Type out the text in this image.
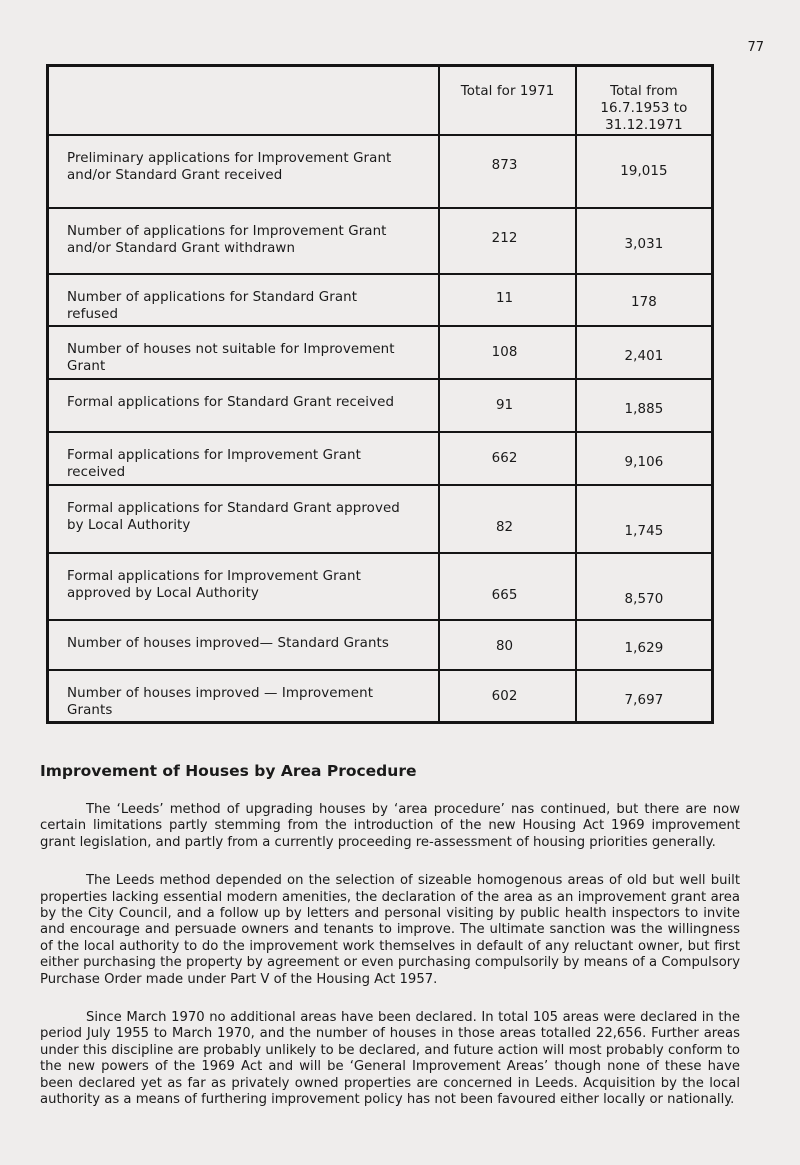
77
	Total for 1971	Total from 16.7.1953 to 31.12.1971
Preliminary applications for Improvement Grant and/or Standard Grant received	873	19,015
Number of applications for Improvement Grant and/or Standard Grant withdrawn	212	3,031
Number of applications for Standard Grant refused	11	178
Number of houses not suitable for Improvement Grant	108	2,401
Formal applications for Standard Grant received	91	1,885
Formal applications for Improvement Grant received	662	9,106
Formal applications for Standard Grant approved by Local Authority	82	1,745
Formal applications for Improvement Grant approved by Local Authority	665	8,570
Number of houses improved— Standard Grants	80	1,629
Number of houses improved — Improvement Grants	602	7,697
Improvement of Houses by Area Procedure

The ‘Leeds’ method of upgrading houses by ‘area procedure’ nas continued, but there are now certain limitations partly stemming from the introduction of the new Housing Act 1969 improvement grant legislation, and partly from a currently proceeding re-assessment of housing priorities generally.

The Leeds method depended on the selection of sizeable homogenous areas of old but well built properties lacking essential modern amenities, the declaration of the area as an improvement grant area by the City Council, and a follow up by letters and personal visiting by public health inspectors to invite and encourage and persuade owners and tenants to improve. The ultimate sanction was the willingness of the local authority to do the improvement work themselves in default of any reluctant owner, but first either purchasing the property by agreement or even purchasing compulsorily by means of a Compulsory Purchase Order made under Part V of the Housing Act 1957.

Since March 1970 no additional areas have been declared. In total 105 areas were declared in the period July 1955 to March 1970, and the number of houses in those areas totalled 22,656. Further areas under this discipline are probably unlikely to be declared, and future action will most probably conform to the new powers of the 1969 Act and will be ‘General Improvement Areas’ though none of these have been declared yet as far as privately owned properties are concerned in Leeds. Acquisition by the local authority as a means of furthering improvement policy has not been favoured either locally or nationally.
